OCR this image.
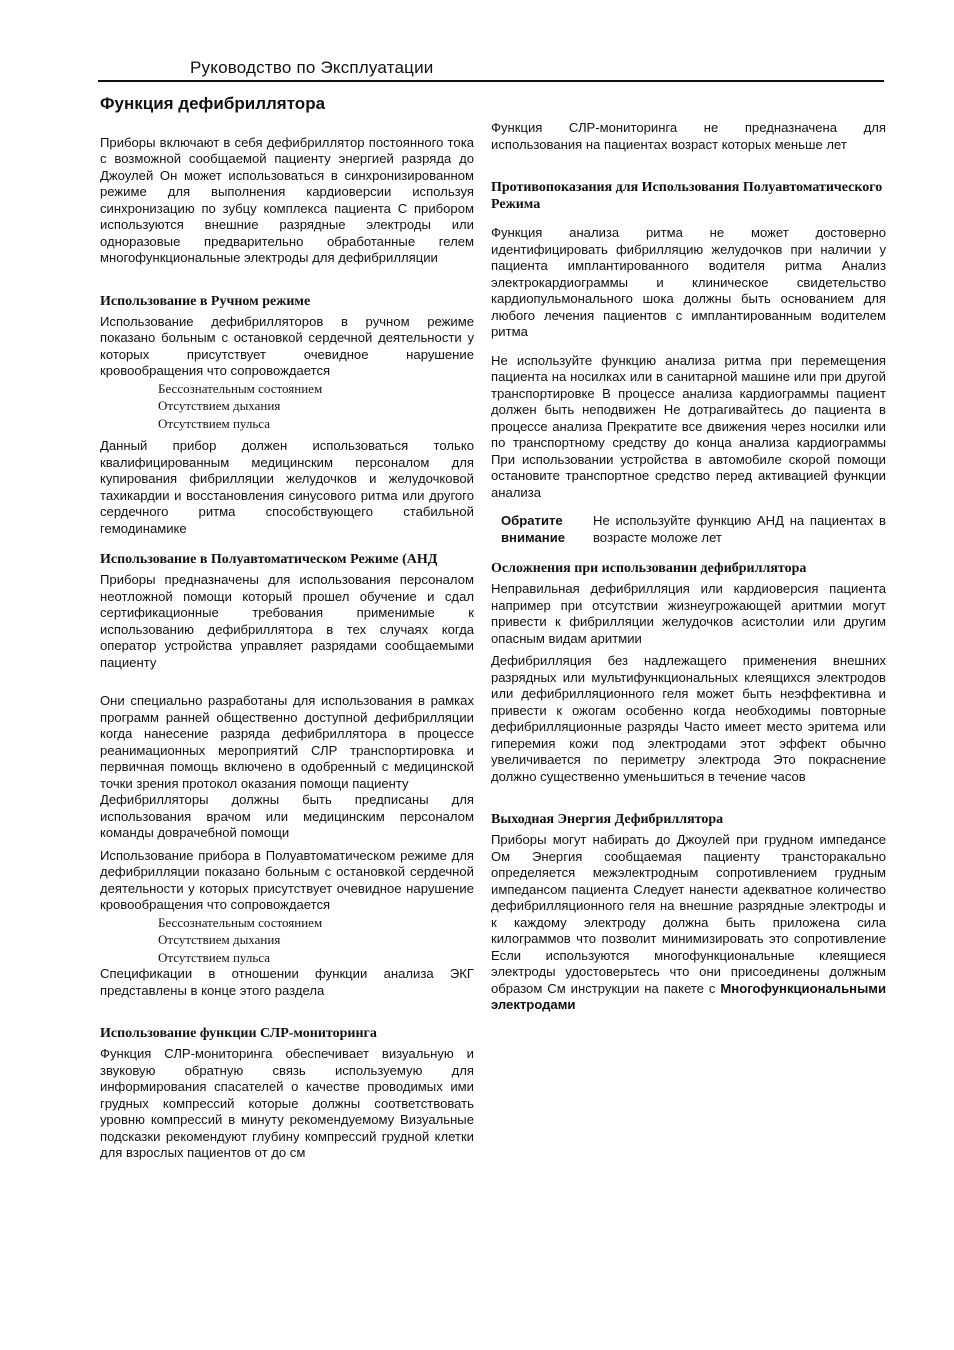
Руководство по Эксплуатации
Функция дефибриллятора

Приборы включают в себя дефибриллятор постоянного тока с возможной сообщаемой пациенту энергией разряда до Джоулей Он может использоваться в синхронизированном режиме для выполнения кардиоверсии используя синхронизацию по зубцу комплекса пациента С прибором используются внешние разрядные электроды или одноразовые предварительно обработанные гелем многофункциональные электроды для дефибрилляции

Использование в Ручном режиме

Использование дефибрилляторов в ручном режиме показано больным с остановкой сердечной деятельности у которых присутствует очевидное нарушение кровообращения что сопровождается

Бессознательным состоянием
Отсутствием дыхания
Отсутствием пульса

Данный прибор должен использоваться только квалифицированным медицинским персоналом для купирования фибрилляции желудочков и желудочковой тахикардии и восстановления синусового ритма или другого сердечного ритма способствующего стабильной гемодинамике

Использование в Полуавтоматическом Режиме (АНД

Приборы предназначены для использования персоналом неотложной помощи который прошел обучение и сдал сертификационные требования применимые к использованию дефибриллятора в тех случаях когда оператор устройства управляет разрядами сообщаемыми пациенту

Они специально разработаны для использования в рамках программ ранней общественно доступной дефибрилляции когда нанесение разряда дефибриллятора в процессе реанимационных мероприятий СЛР транспортировка и первичная помощь включено в одобренный с медицинской точки зрения протокол оказания помощи пациенту

Дефибрилляторы должны быть предписаны для использования врачом или медицинским персоналом команды доврачебной помощи

Использование прибора в Полуавтоматическом режиме для дефибрилляции показано больным с остановкой сердечной деятельности у которых присутствует очевидное нарушение кровообращения что сопровождается

Бессознательным состоянием
Отсутствием дыхания
Отсутствием пульса

Спецификации в отношении функции анализа ЭКГ представлены в конце этого раздела

Использование функции СЛР-мониторинга

Функция СЛР-мониторинга обеспечивает визуальную и звуковую обратную связь используемую для информирования спасателей о качестве проводимых ими грудных компрессий которые должны соответствовать уровню компрессий в минуту рекомендуемому Визуальные подсказки рекомендуют глубину компрессий грудной клетки для взрослых пациентов от до см

Функция СЛР-мониторинга не предназначена для использования на пациентах возраст которых меньше лет

Противопоказания для Использования Полуавтоматического Режима

Функция анализа ритма не может достоверно идентифицировать фибрилляцию желудочков при наличии у пациента имплантированного водителя ритма Анализ электрокардиограммы и клиническое свидетельство кардиопульмонального шока должны быть основанием для любого лечения пациентов с имплантированным водителем ритма

Не используйте функцию анализа ритма при перемещения пациента на носилках или в санитарной машине или при другой транспортировке В процессе анализа кардиограммы пациент должен быть неподвижен Не дотрагивайтесь до пациента в процессе анализа Прекратите все движения через носилки или по транспортному средству до конца анализа кардиограммы При использовании устройства в автомобиле скорой помощи остановите транспортное средство перед активацией функции анализа

Обратите внимание
Не используйте функцию АНД на пациентах в возрасте моложе лет
Осложнения при использовании дефибриллятора

Неправильная дефибрилляция или кардиоверсия пациента например при отсутствии жизнеугрожающей аритмии могут привести к фибрилляции желудочков асистолии или другим опасным видам аритмии

Дефибрилляция без надлежащего применения внешних разрядных или мультифункциональных клеящихся электродов или дефибрилляционного геля может быть неэффективна и привести к ожогам особенно когда необходимы повторные дефибрилляционные разряды Часто имеет место эритема или гиперемия кожи под электродами этот эффект обычно увеличивается по периметру электрода Это покраснение должно существенно уменьшиться в течение часов

Выходная Энергия Дефибриллятора

Приборы могут набирать до Джоулей при грудном импедансе Ом Энергия сообщаемая пациенту трансторакально определяется межэлектродным сопротивлением грудным импедансом пациента Следует нанести адекватное количество дефибрилляционного геля на внешние разрядные электроды и к каждому электроду должна быть приложена сила килограммов что позволит минимизировать это сопротивление Если используются многофункциональные клеящиеся электроды удостоверьтесь что они присоединены должным образом См инструкции на пакете с Многофункциональными электродами
